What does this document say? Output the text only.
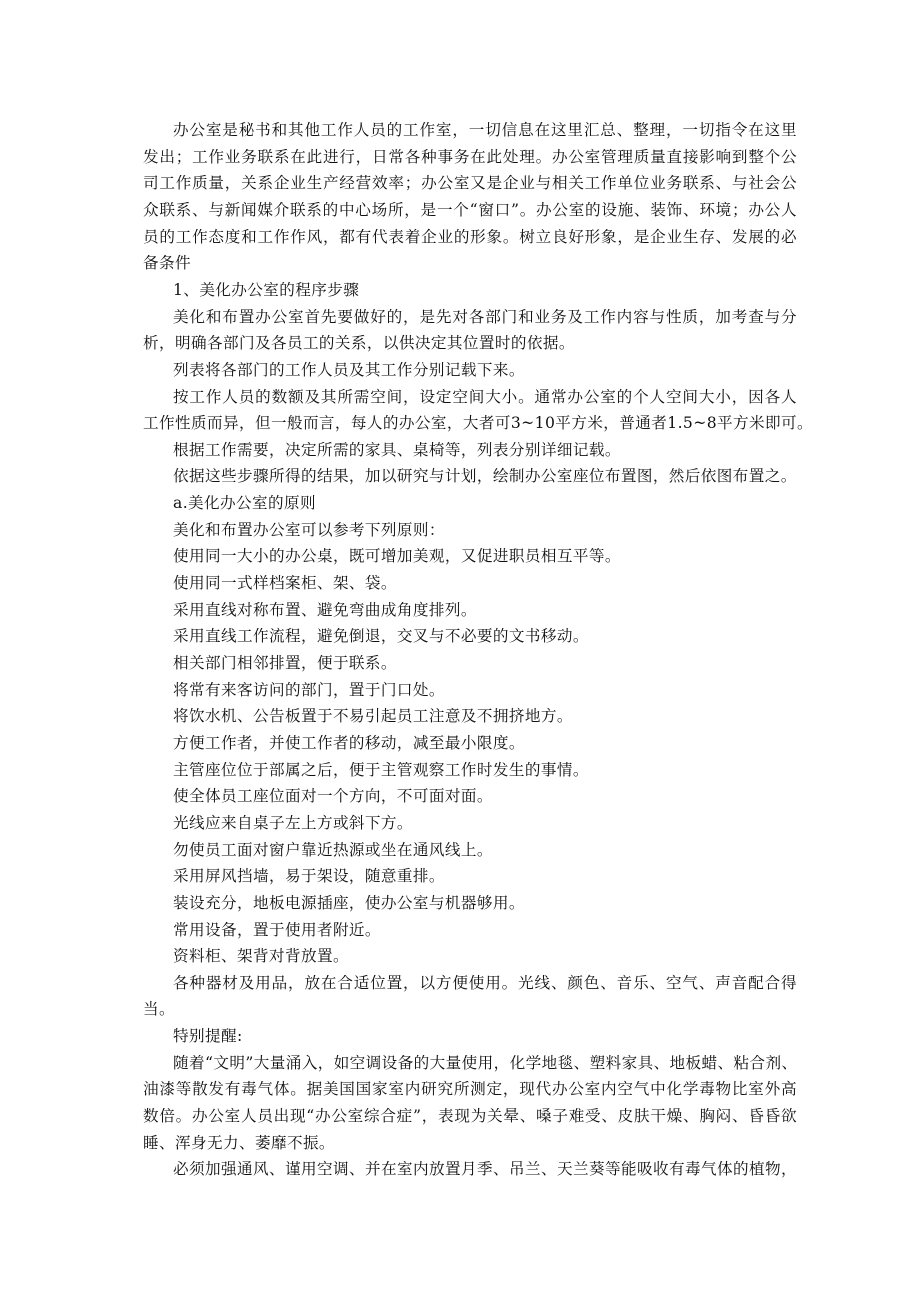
办公室是秘书和其他工作人员的工作室，一切信息在这里汇总、整理，一切指令在这里
发出；工作业务联系在此进行，日常各种事务在此处理。办公室管理质量直接影响到整个公
司工作质量，关系企业生产经营效率；办公室又是企业与相关工作单位业务联系、与社会公
众联系、与新闻媒介联系的中心场所，是一个“窗口”。办公室的设施、装饰、环境；办公人
员的工作态度和工作作风，都有代表着企业的形象。树立良好形象，是企业生存、发展的必
备条件
1、美化办公室的程序步骤
美化和布置办公室首先要做好的，是先对各部门和业务及工作内容与性质，加考查与分
析，明确各部门及各员工的关系，以供决定其位置时的依据。
列表将各部门的工作人员及其工作分别记载下来。
按工作人员的数额及其所需空间，设定空间大小。通常办公室的个人空间大小，因各人
工作性质而异，但一般而言，每人的办公室，大者可3~10平方米，普通者1.5~8平方米即可。
根据工作需要，决定所需的家具、桌椅等，列表分别详细记载。
依据这些步骤所得的结果，加以研究与计划，绘制办公室座位布置图，然后依图布置之。
a.美化办公室的原则
美化和布置办公室可以参考下列原则：
使用同一大小的办公桌，既可增加美观，又促进职员相互平等。
使用同一式样档案柜、架、袋。
采用直线对称布置、避免弯曲成角度排列。
采用直线工作流程，避免倒退，交叉与不必要的文书移动。
相关部门相邻排置，便于联系。
将常有来客访问的部门，置于门口处。
将饮水机、公告板置于不易引起员工注意及不拥挤地方。
方便工作者，并使工作者的移动，减至最小限度。
主管座位位于部属之后，便于主管观察工作时发生的事情。
使全体员工座位面对一个方向，不可面对面。
光线应来自桌子左上方或斜下方。
勿使员工面对窗户靠近热源或坐在通风线上。
采用屏风挡墙，易于架设，随意重排。
装设充分，地板电源插座，使办公室与机器够用。
常用设备，置于使用者附近。
资料柜、架背对背放置。
各种器材及用品，放在合适位置，以方便使用。光线、颜色、音乐、空气、声音配合得
当。
特别提醒:
随着“文明”大量涌入，如空调设备的大量使用，化学地毯、塑料家具、地板蜡、粘合剂、
油漆等散发有毒气体。据美国国家室内研究所测定，现代办公室内空气中化学毒物比室外高
数倍。办公室人员出现“办公室综合症”，表现为关晕、嗓子难受、皮肤干燥、胸闷、昏昏欲
睡、浑身无力、萎靡不振。
必须加强通风、谨用空调、并在室内放置月季、吊兰、天兰葵等能吸收有毒气体的植物，
